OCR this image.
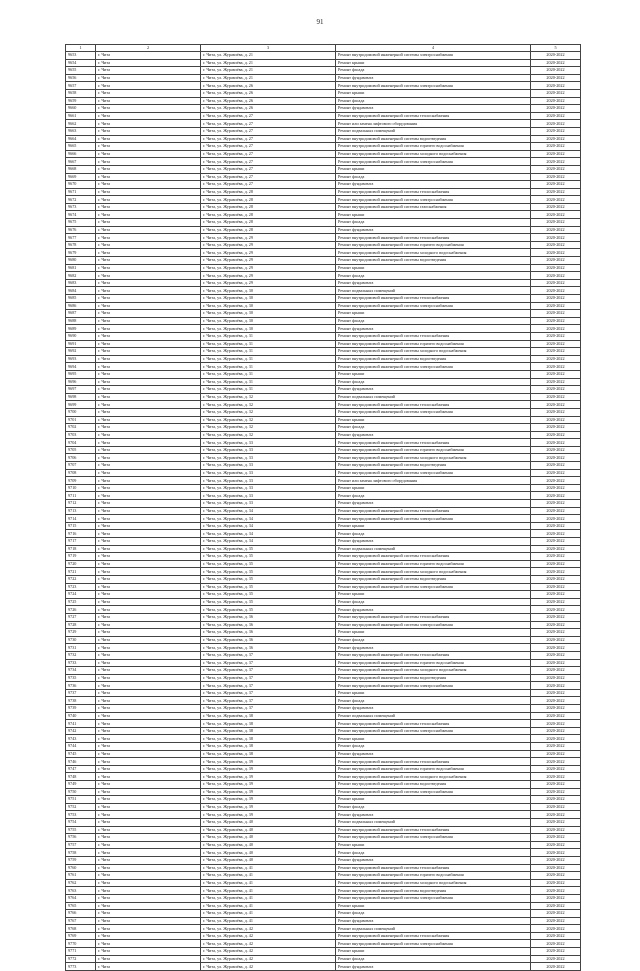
91
1	2	3	4	5
9653	г. Чита	г. Чита, ул. Журавлёва, д. 21	Ремонт внутридомовой инженерной системы электроснабжения	2020-2022
9654	г. Чита	г. Чита, ул. Журавлёва, д. 21	Ремонт крыши	2020-2022
9655	г. Чита	г. Чита, ул. Журавлёва, д. 21	Ремонт фасада	2020-2022
9656	г. Чита	г. Чита, ул. Журавлёва, д. 21	Ремонт фундамента	2020-2022
9657	г. Чита	г. Чита, ул. Журавлёва, д. 26	Ремонт внутридомовой инженерной системы электроснабжения	2020-2022
9658	г. Чита	г. Чита, ул. Журавлёва, д. 26	Ремонт крыши	2020-2022
9659	г. Чита	г. Чита, ул. Журавлёва, д. 26	Ремонт фасада	2020-2022
9660	г. Чита	г. Чита, ул. Журавлёва, д. 26	Ремонт фундамента	2020-2022
9661	г. Чита	г. Чита, ул. Журавлёва, д. 27	Ремонт внутридомовой инженерной системы теплоснабжения	2020-2022
9662	г. Чита	г. Чита, ул. Журавлёва, д. 27	Ремонт или замена лифтового оборудования	2020-2022
9663	г. Чита	г. Чита, ул. Журавлёва, д. 27	Ремонт подвальных помещений	2020-2022
9664	г. Чита	г. Чита, ул. Журавлёва, д. 27	Ремонт внутридомовой инженерной системы водоотведения	2020-2022
9665	г. Чита	г. Чита, ул. Журавлёва, д. 27	Ремонт внутридомовой инженерной системы горячего водоснабжения	2020-2022
9666	г. Чита	г. Чита, ул. Журавлёва, д. 27	Ремонт внутридомовой инженерной системы холодного водоснабжения	2020-2022
9667	г. Чита	г. Чита, ул. Журавлёва, д. 27	Ремонт внутридомовой инженерной системы электроснабжения	2020-2022
9668	г. Чита	г. Чита, ул. Журавлёва, д. 27	Ремонт крыши	2020-2022
9669	г. Чита	г. Чита, ул. Журавлёва, д. 27	Ремонт фасада	2020-2022
9670	г. Чита	г. Чита, ул. Журавлёва, д. 27	Ремонт фундамента	2020-2022
9671	г. Чита	г. Чита, ул. Журавлёва, д. 28	Ремонт внутридомовой инженерной системы теплоснабжения	2020-2022
9672	г. Чита	г. Чита, ул. Журавлёва, д. 28	Ремонт внутридомовой инженерной системы электроснабжения	2020-2022
9673	г. Чита	г. Чита, ул. Журавлёва, д. 28	Ремонт внутридомовой инженерной системы газоснабжения	2020-2022
9674	г. Чита	г. Чита, ул. Журавлёва, д. 28	Ремонт крыши	2020-2022
9675	г. Чита	г. Чита, ул. Журавлёва, д. 28	Ремонт фасада	2020-2022
9676	г. Чита	г. Чита, ул. Журавлёва, д. 28	Ремонт фундамента	2020-2022
9677	г. Чита	г. Чита, ул. Журавлёва, д. 29	Ремонт внутридомовой инженерной системы теплоснабжения	2020-2022
9678	г. Чита	г. Чита, ул. Журавлёва, д. 29	Ремонт внутридомовой инженерной системы горячего водоснабжения	2020-2022
9679	г. Чита	г. Чита, ул. Журавлёва, д. 29	Ремонт внутридомовой инженерной системы холодного водоснабжения	2020-2022
9680	г. Чита	г. Чита, ул. Журавлёва, д. 29	Ремонт внутридомовой инженерной системы водоотведения	2020-2022
9681	г. Чита	г. Чита, ул. Журавлёва, д. 29	Ремонт крыши	2020-2022
9682	г. Чита	г. Чита, ул. Журавлёва, д. 29	Ремонт фасада	2020-2022
9683	г. Чита	г. Чита, ул. Журавлёва, д. 29	Ремонт фундамента	2020-2022
9684	г. Чита	г. Чита, ул. Журавлёва, д. 30	Ремонт подвальных помещений	2020-2022
9685	г. Чита	г. Чита, ул. Журавлёва, д. 30	Ремонт внутридомовой инженерной системы теплоснабжения	2020-2022
9686	г. Чита	г. Чита, ул. Журавлёва, д. 30	Ремонт внутридомовой инженерной системы электроснабжения	2020-2022
9687	г. Чита	г. Чита, ул. Журавлёва, д. 30	Ремонт крыши	2020-2022
9688	г. Чита	г. Чита, ул. Журавлёва, д. 30	Ремонт фасада	2020-2022
9689	г. Чита	г. Чита, ул. Журавлёва, д. 30	Ремонт фундамента	2020-2022
9690	г. Чита	г. Чита, ул. Журавлёва, д. 31	Ремонт внутридомовой инженерной системы теплоснабжения	2020-2022
9691	г. Чита	г. Чита, ул. Журавлёва, д. 31	Ремонт внутридомовой инженерной системы горячего водоснабжения	2020-2022
9692	г. Чита	г. Чита, ул. Журавлёва, д. 31	Ремонт внутридомовой инженерной системы холодного водоснабжения	2020-2022
9693	г. Чита	г. Чита, ул. Журавлёва, д. 31	Ремонт внутридомовой инженерной системы водоотведения	2020-2022
9694	г. Чита	г. Чита, ул. Журавлёва, д. 31	Ремонт внутридомовой инженерной системы электроснабжения	2020-2022
9695	г. Чита	г. Чита, ул. Журавлёва, д. 31	Ремонт крыши	2020-2022
9696	г. Чита	г. Чита, ул. Журавлёва, д. 31	Ремонт фасада	2020-2022
9697	г. Чита	г. Чита, ул. Журавлёва, д. 31	Ремонт фундамента	2020-2022
9698	г. Чита	г. Чита, ул. Журавлёва, д. 32	Ремонт подвальных помещений	2020-2022
9699	г. Чита	г. Чита, ул. Журавлёва, д. 32	Ремонт внутридомовой инженерной системы теплоснабжения	2020-2022
9700	г. Чита	г. Чита, ул. Журавлёва, д. 32	Ремонт внутридомовой инженерной системы электроснабжения	2020-2022
9701	г. Чита	г. Чита, ул. Журавлёва, д. 32	Ремонт крыши	2020-2022
9702	г. Чита	г. Чита, ул. Журавлёва, д. 32	Ремонт фасада	2020-2022
9703	г. Чита	г. Чита, ул. Журавлёва, д. 32	Ремонт фундамента	2020-2022
9704	г. Чита	г. Чита, ул. Журавлёва, д. 33	Ремонт внутридомовой инженерной системы теплоснабжения	2020-2022
9705	г. Чита	г. Чита, ул. Журавлёва, д. 33	Ремонт внутридомовой инженерной системы горячего водоснабжения	2020-2022
9706	г. Чита	г. Чита, ул. Журавлёва, д. 33	Ремонт внутридомовой инженерной системы холодного водоснабжения	2020-2022
9707	г. Чита	г. Чита, ул. Журавлёва, д. 33	Ремонт внутридомовой инженерной системы водоотведения	2020-2022
9708	г. Чита	г. Чита, ул. Журавлёва, д. 33	Ремонт внутридомовой инженерной системы электроснабжения	2020-2022
9709	г. Чита	г. Чита, ул. Журавлёва, д. 33	Ремонт или замена лифтового оборудования	2020-2022
9710	г. Чита	г. Чита, ул. Журавлёва, д. 33	Ремонт крыши	2020-2022
9711	г. Чита	г. Чита, ул. Журавлёва, д. 33	Ремонт фасада	2020-2022
9712	г. Чита	г. Чита, ул. Журавлёва, д. 33	Ремонт фундамента	2020-2022
9713	г. Чита	г. Чита, ул. Журавлёва, д. 34	Ремонт внутридомовой инженерной системы теплоснабжения	2020-2022
9714	г. Чита	г. Чита, ул. Журавлёва, д. 34	Ремонт внутридомовой инженерной системы электроснабжения	2020-2022
9715	г. Чита	г. Чита, ул. Журавлёва, д. 34	Ремонт крыши	2020-2022
9716	г. Чита	г. Чита, ул. Журавлёва, д. 34	Ремонт фасада	2020-2022
9717	г. Чита	г. Чита, ул. Журавлёва, д. 34	Ремонт фундамента	2020-2022
9718	г. Чита	г. Чита, ул. Журавлёва, д. 35	Ремонт подвальных помещений	2020-2022
9719	г. Чита	г. Чита, ул. Журавлёва, д. 35	Ремонт внутридомовой инженерной системы теплоснабжения	2020-2022
9720	г. Чита	г. Чита, ул. Журавлёва, д. 35	Ремонт внутридомовой инженерной системы горячего водоснабжения	2020-2022
9721	г. Чита	г. Чита, ул. Журавлёва, д. 35	Ремонт внутридомовой инженерной системы холодного водоснабжения	2020-2022
9722	г. Чита	г. Чита, ул. Журавлёва, д. 35	Ремонт внутридомовой инженерной системы водоотведения	2020-2022
9723	г. Чита	г. Чита, ул. Журавлёва, д. 35	Ремонт внутридомовой инженерной системы электроснабжения	2020-2022
9724	г. Чита	г. Чита, ул. Журавлёва, д. 35	Ремонт крыши	2020-2022
9725	г. Чита	г. Чита, ул. Журавлёва, д. 35	Ремонт фасада	2020-2022
9726	г. Чита	г. Чита, ул. Журавлёва, д. 35	Ремонт фундамента	2020-2022
9727	г. Чита	г. Чита, ул. Журавлёва, д. 36	Ремонт внутридомовой инженерной системы теплоснабжения	2020-2022
9728	г. Чита	г. Чита, ул. Журавлёва, д. 36	Ремонт внутридомовой инженерной системы электроснабжения	2020-2022
9729	г. Чита	г. Чита, ул. Журавлёва, д. 36	Ремонт крыши	2020-2022
9730	г. Чита	г. Чита, ул. Журавлёва, д. 36	Ремонт фасада	2020-2022
9731	г. Чита	г. Чита, ул. Журавлёва, д. 36	Ремонт фундамента	2020-2022
9732	г. Чита	г. Чита, ул. Журавлёва, д. 37	Ремонт внутридомовой инженерной системы теплоснабжения	2020-2022
9733	г. Чита	г. Чита, ул. Журавлёва, д. 37	Ремонт внутридомовой инженерной системы горячего водоснабжения	2020-2022
9734	г. Чита	г. Чита, ул. Журавлёва, д. 37	Ремонт внутридомовой инженерной системы холодного водоснабжения	2020-2022
9735	г. Чита	г. Чита, ул. Журавлёва, д. 37	Ремонт внутридомовой инженерной системы водоотведения	2020-2022
9736	г. Чита	г. Чита, ул. Журавлёва, д. 37	Ремонт внутридомовой инженерной системы электроснабжения	2020-2022
9737	г. Чита	г. Чита, ул. Журавлёва, д. 37	Ремонт крыши	2020-2022
9738	г. Чита	г. Чита, ул. Журавлёва, д. 37	Ремонт фасада	2020-2022
9739	г. Чита	г. Чита, ул. Журавлёва, д. 37	Ремонт фундамента	2020-2022
9740	г. Чита	г. Чита, ул. Журавлёва, д. 38	Ремонт подвальных помещений	2020-2022
9741	г. Чита	г. Чита, ул. Журавлёва, д. 38	Ремонт внутридомовой инженерной системы теплоснабжения	2020-2022
9742	г. Чита	г. Чита, ул. Журавлёва, д. 38	Ремонт внутридомовой инженерной системы электроснабжения	2020-2022
9743	г. Чита	г. Чита, ул. Журавлёва, д. 38	Ремонт крыши	2020-2022
9744	г. Чита	г. Чита, ул. Журавлёва, д. 38	Ремонт фасада	2020-2022
9745	г. Чита	г. Чита, ул. Журавлёва, д. 38	Ремонт фундамента	2020-2022
9746	г. Чита	г. Чита, ул. Журавлёва, д. 39	Ремонт внутридомовой инженерной системы теплоснабжения	2020-2022
9747	г. Чита	г. Чита, ул. Журавлёва, д. 39	Ремонт внутридомовой инженерной системы горячего водоснабжения	2020-2022
9748	г. Чита	г. Чита, ул. Журавлёва, д. 39	Ремонт внутридомовой инженерной системы холодного водоснабжения	2020-2022
9749	г. Чита	г. Чита, ул. Журавлёва, д. 39	Ремонт внутридомовой инженерной системы водоотведения	2020-2022
9750	г. Чита	г. Чита, ул. Журавлёва, д. 39	Ремонт внутридомовой инженерной системы электроснабжения	2020-2022
9751	г. Чита	г. Чита, ул. Журавлёва, д. 39	Ремонт крыши	2020-2022
9752	г. Чита	г. Чита, ул. Журавлёва, д. 39	Ремонт фасада	2020-2022
9753	г. Чита	г. Чита, ул. Журавлёва, д. 39	Ремонт фундамента	2020-2022
9754	г. Чита	г. Чита, ул. Журавлёва, д. 40	Ремонт подвальных помещений	2020-2022
9755	г. Чита	г. Чита, ул. Журавлёва, д. 40	Ремонт внутридомовой инженерной системы теплоснабжения	2020-2022
9756	г. Чита	г. Чита, ул. Журавлёва, д. 40	Ремонт внутридомовой инженерной системы электроснабжения	2020-2022
9757	г. Чита	г. Чита, ул. Журавлёва, д. 40	Ремонт крыши	2020-2022
9758	г. Чита	г. Чита, ул. Журавлёва, д. 40	Ремонт фасада	2020-2022
9759	г. Чита	г. Чита, ул. Журавлёва, д. 40	Ремонт фундамента	2020-2022
9760	г. Чита	г. Чита, ул. Журавлёва, д. 41	Ремонт внутридомовой инженерной системы теплоснабжения	2020-2022
9761	г. Чита	г. Чита, ул. Журавлёва, д. 41	Ремонт внутридомовой инженерной системы горячего водоснабжения	2020-2022
9762	г. Чита	г. Чита, ул. Журавлёва, д. 41	Ремонт внутридомовой инженерной системы холодного водоснабжения	2020-2022
9763	г. Чита	г. Чита, ул. Журавлёва, д. 41	Ремонт внутридомовой инженерной системы водоотведения	2020-2022
9764	г. Чита	г. Чита, ул. Журавлёва, д. 41	Ремонт внутридомовой инженерной системы электроснабжения	2020-2022
9765	г. Чита	г. Чита, ул. Журавлёва, д. 41	Ремонт крыши	2020-2022
9766	г. Чита	г. Чита, ул. Журавлёва, д. 41	Ремонт фасада	2020-2022
9767	г. Чита	г. Чита, ул. Журавлёва, д. 41	Ремонт фундамента	2020-2022
9768	г. Чита	г. Чита, ул. Журавлёва, д. 42	Ремонт подвальных помещений	2020-2022
9769	г. Чита	г. Чита, ул. Журавлёва, д. 42	Ремонт внутридомовой инженерной системы теплоснабжения	2020-2022
9770	г. Чита	г. Чита, ул. Журавлёва, д. 42	Ремонт внутридомовой инженерной системы электроснабжения	2020-2022
9771	г. Чита	г. Чита, ул. Журавлёва, д. 42	Ремонт крыши	2020-2022
9772	г. Чита	г. Чита, ул. Журавлёва, д. 42	Ремонт фасада	2020-2022
9773	г. Чита	г. Чита, ул. Журавлёва, д. 42	Ремонт фундамента	2020-2022
